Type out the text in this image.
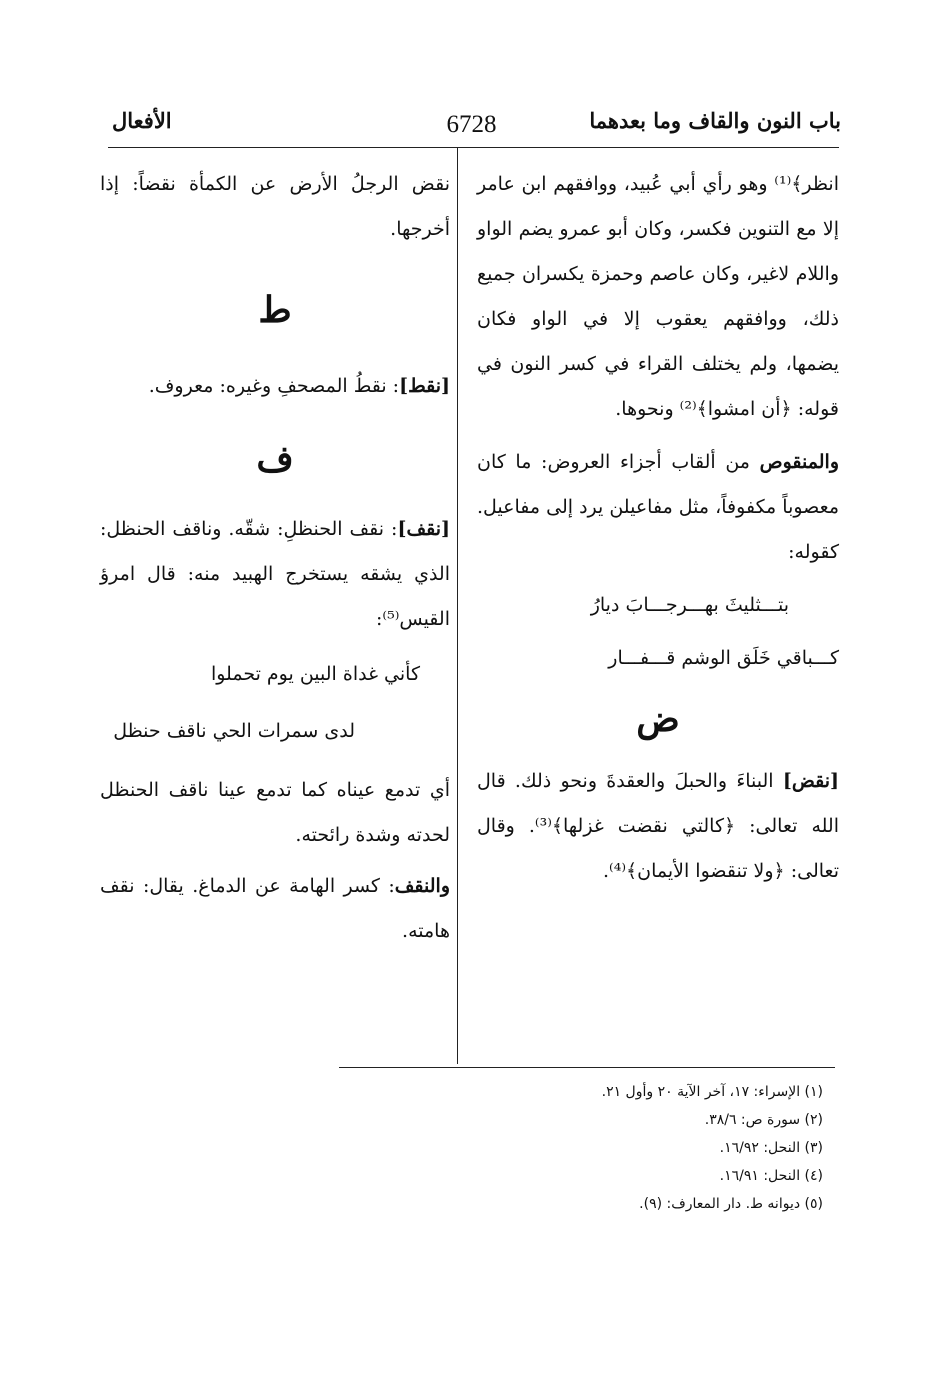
باب النون والقاف وما بعدهما
6728
الأفعال

انظر﴾⁽¹⁾ وهو رأي أبي عُبيد، ووافقهم ابن عامر إلا مع التنوين فكسر، وكان أبو عمرو يضم الواو واللام لاغير، وكان عاصم وحمزة يكسران جميع ذلك، ووافقهم يعقوب إلا في الواو فكان يضمها، ولم يختلف القراء في كسر النون في قوله: ﴿أن امشوا﴾⁽²⁾ ونحوها.

والمنقوص من ألقاب أجزاء العروض: ما كان معصوباً مكفوفاً، مثل مفاعيلن يرد إلى مفاعيل. كقوله:

بتـــثليثَ بهـــرجـــابَ ديارُ

كـــباقي خَلَق الوشم قـــفـــار

ض

[نقض] البناءَ والحبلَ والعقدةَ ونحو ذلك. قال الله تعالى: ﴿كالتي نقضت غزلها﴾⁽³⁾. وقال تعالى: ﴿ولا تنقضوا الأيمان﴾⁽⁴⁾.

نقض الرجلُ الأرض عن الكمأة نقضاً: إذا أخرجها.

ط

[نقط]: نقطُ المصحفِ وغيره: معروف.

ف

[نقف]: نقف الحنظلِ: شقّه. وناقف الحنظل: الذي يشقه يستخرج الهبيد منه: قال امرؤ القيس⁽⁵⁾:

كأني غداة البين يوم تحملوا

لدى سمرات الحي ناقف حنظل

أي تدمع عيناه كما تدمع عينا ناقف الحنظل لحدته وشدة رائحته.

والنقف: كسر الهامة عن الدماغ. يقال: نقف هامته.

(١) الإسراء: ١٧، آخر الآية ٢٠ وأول ٢١.
(٢) سورة ص: ٣٨/٦.
(٣) النحل: ١٦/٩٢.
(٤) النحل: ١٦/٩١.
(٥) ديوانه ط. دار المعارف: (٩).
